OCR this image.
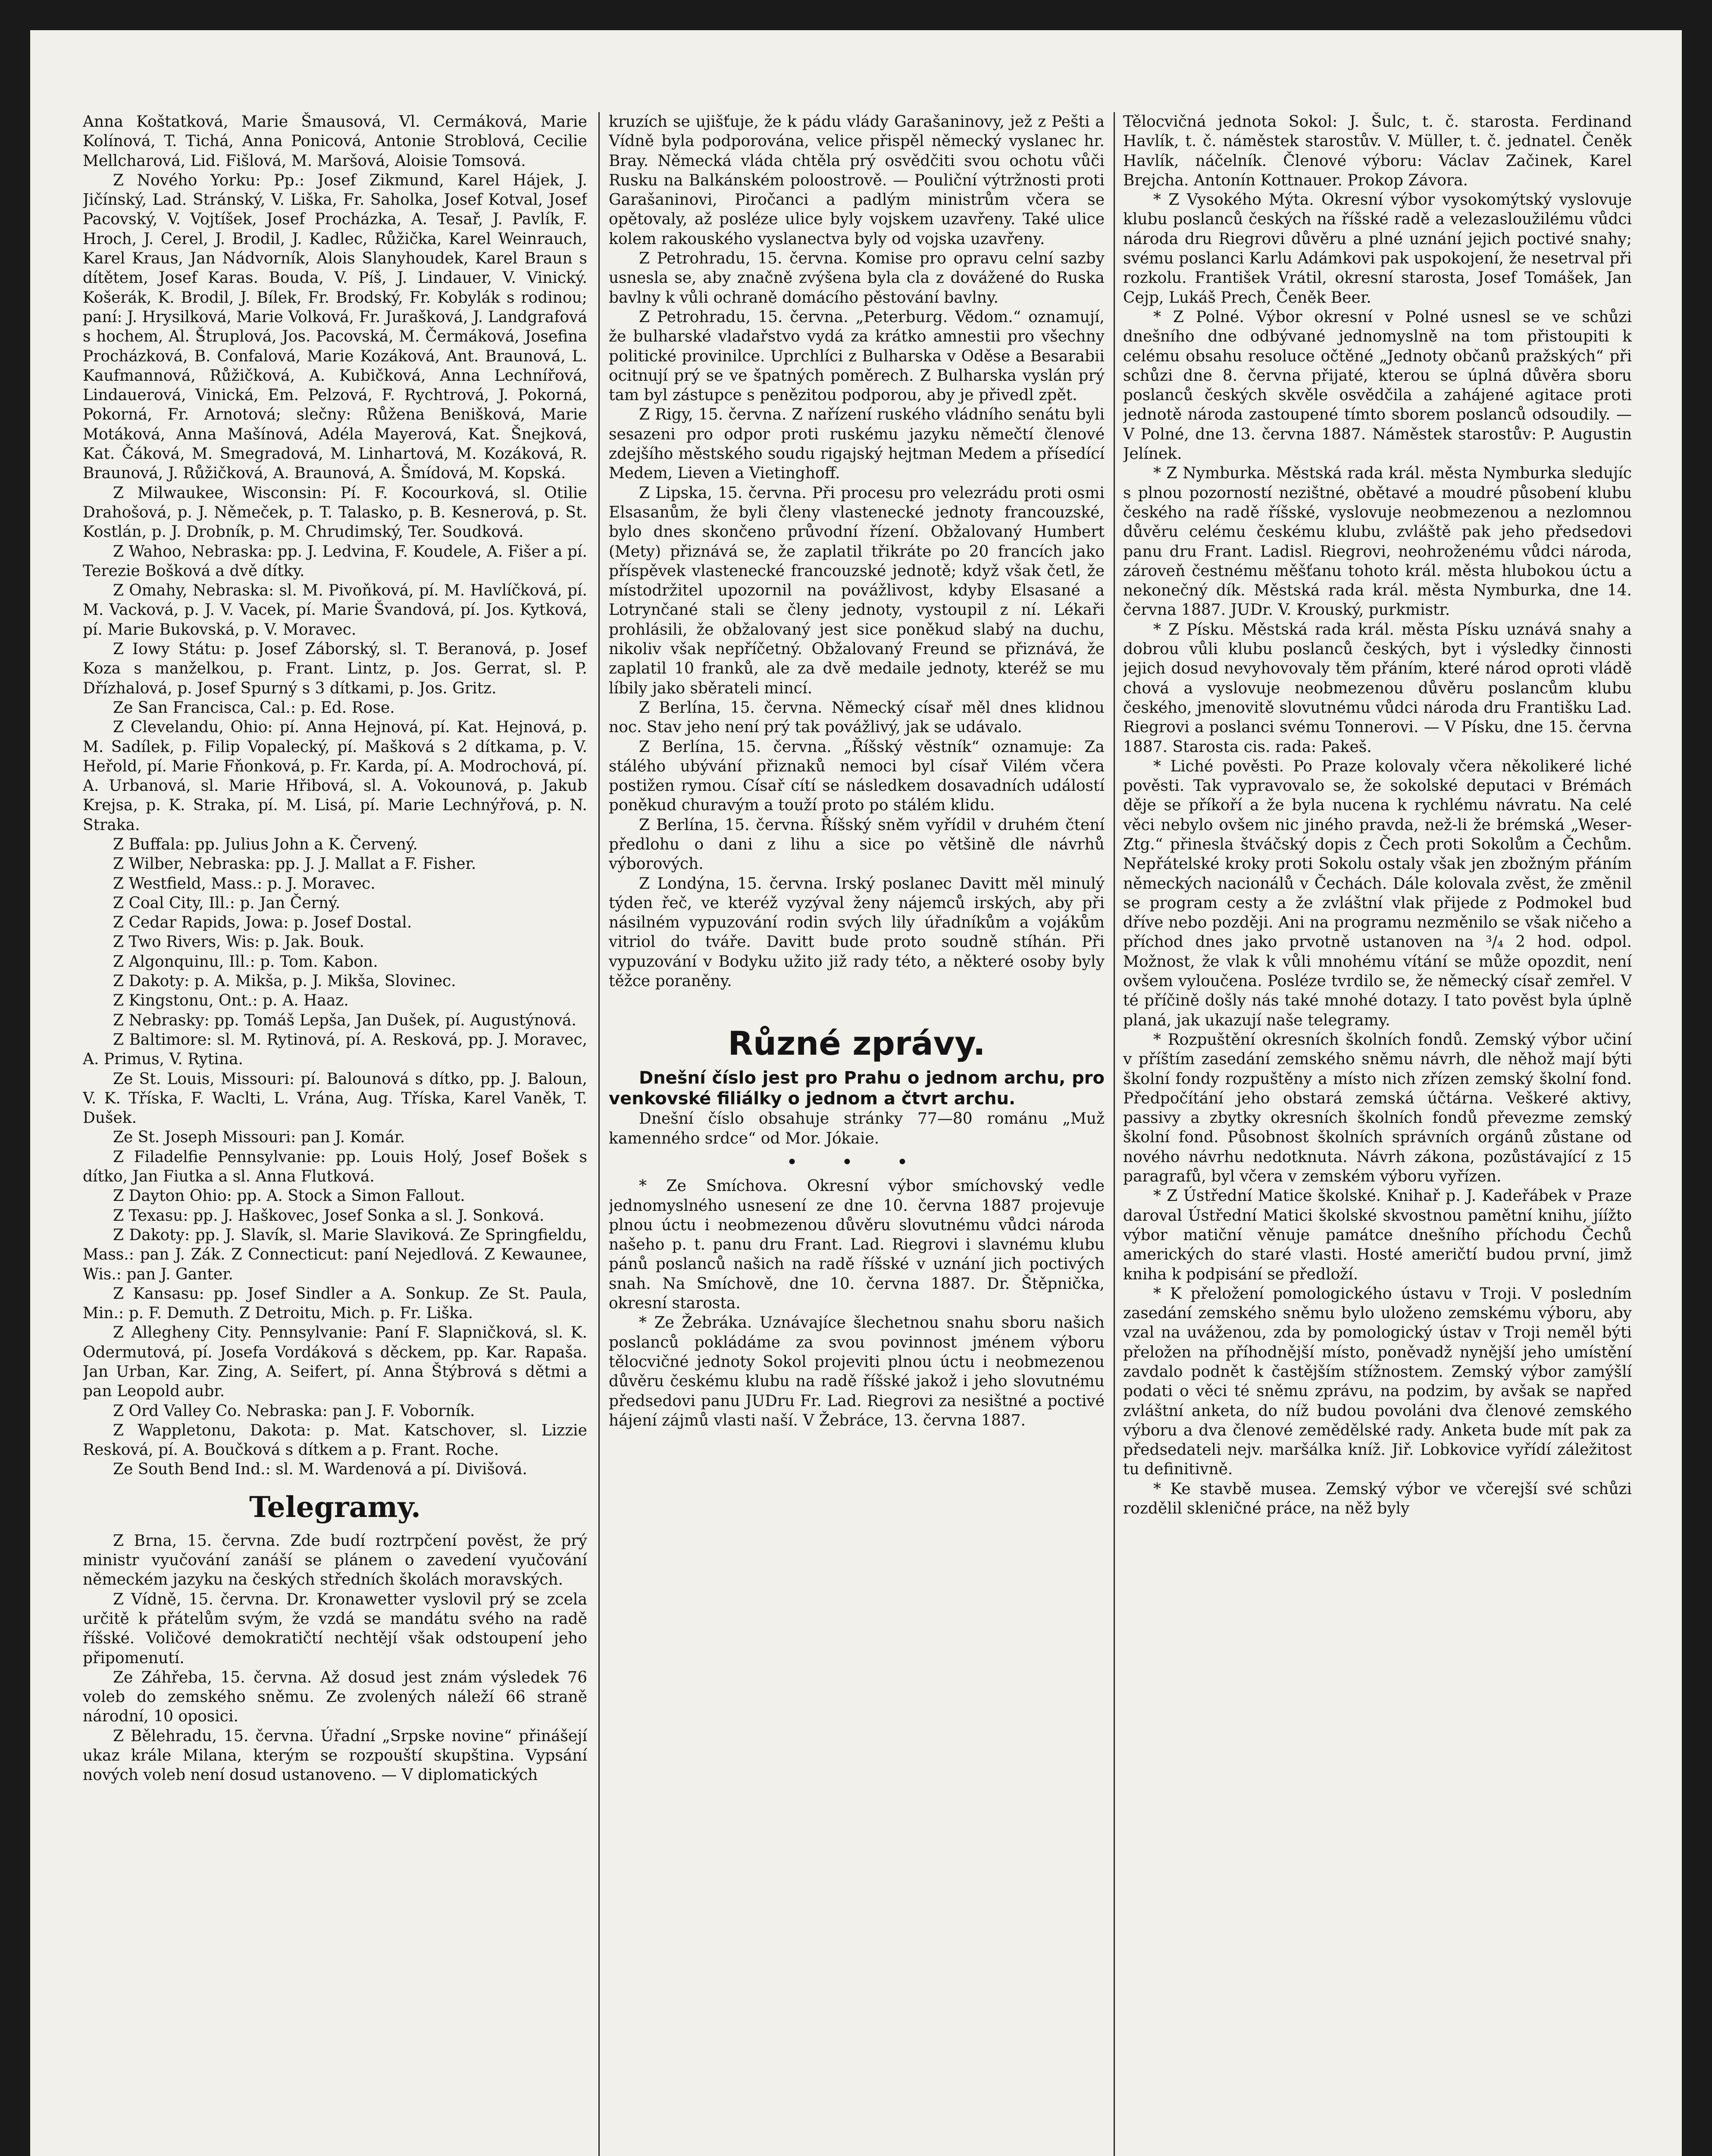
Anna Koštatková, Marie Šmausová, Vl. Cermáková, Marie Kolínová, T. Tichá, Anna Ponicová, Antonie Stroblová, Cecilie Mellcharová, Lid. Fišlová, M. Maršová, Aloisie Tomsová.

Z Nového Yorku: Pp.: Josef Zikmund, Karel Hájek, J. Jičínský, Lad. Stránský, V. Liška, Fr. Saholka, Josef Kotval, Josef Pacovský, V. Vojtíšek, Josef Procházka, A. Tesař, J. Pavlík, F. Hroch, J. Cerel, J. Brodil, J. Kadlec, Růžička, Karel Weinrauch, Karel Kraus, Jan Nádvorník, Alois Slanyhoudek, Karel Braun s dítětem, Josef Karas. Bouda, V. Píš, J. Lindauer, V. Vinický. Košerák, K. Brodil, J. Bílek, Fr. Brodský, Fr. Kobylák s rodinou; paní: J. Hrysilková, Marie Volková, Fr. Jurašková, J. Landgrafová s hochem, Al. Štruplová, Jos. Pacovská, M. Čermáková, Josefina Procházková, B. Confalová, Marie Kozáková, Ant. Braunová, L. Kaufmannová, Růžičková, A. Kubičková, Anna Lechnířová, Lindauerová, Vinická, Em. Pelzová, F. Rychtrová, J. Pokorná, Pokorná, Fr. Arnotová; slečny: Růžena Benišková, Marie Motáková, Anna Mašínová, Adéla Mayerová, Kat. Šnejková, Kat. Čáková, M. Smegradová, M. Linhartová, M. Kozáková, R. Braunová, J. Růžičková, A. Braunová, A. Šmídová, M. Kopská.

Z Milwaukee, Wisconsin: Pí. F. Kocourková, sl. Otilie Drahošová, p. J. Němeček, p. T. Talasko, p. B. Kesnerová, p. St. Kostlán, p. J. Drobník, p. M. Chrudimský, Ter. Soudková.

Z Wahoo, Nebraska: pp. J. Ledvina, F. Koudele, A. Fišer a pí. Terezie Bošková a dvě dítky.

Z Omahy, Nebraska: sl. M. Pivoňková, pí. M. Havlíčková, pí. M. Vacková, p. J. V. Vacek, pí. Marie Švandová, pí. Jos. Kytková, pí. Marie Bukovská, p. V. Moravec.

Z Iowy Státu: p. Josef Záborský, sl. T. Beranová, p. Josef Koza s manželkou, p. Frant. Lintz, p. Jos. Gerrat, sl. P. Dřízhalová, p. Josef Spurný s 3 dítkami, p. Jos. Gritz.

Ze San Francisca, Cal.: p. Ed. Rose.

Z Clevelandu, Ohio: pí. Anna Hejnová, pí. Kat. Hejnová, p. M. Sadílek, p. Filip Vopalecký, pí. Mašková s 2 dítkama, p. V. Heřold, pí. Marie Fňonková, p. Fr. Karda, pí. A. Modrochová, pí. A. Urbanová, sl. Marie Hřibová, sl. A. Vokounová, p. Jakub Krejsa, p. K. Straka, pí. M. Lisá, pí. Marie Lechnýřová, p. N. Straka.

Z Buffala: pp. Julius John a K. Červený.

Z Wilber, Nebraska: pp. J. J. Mallat a F. Fisher.

Z Westfield, Mass.: p. J. Moravec.

Z Coal City, Ill.: p. Jan Černý.

Z Cedar Rapids, Jowa: p. Josef Dostal.

Z Two Rivers, Wis: p. Jak. Bouk.

Z Algonquinu, Ill.: p. Tom. Kabon.

Z Dakoty: p. A. Mikša, p. J. Mikša, Slovinec.

Z Kingstonu, Ont.: p. A. Haaz.

Z Nebrasky: pp. Tomáš Lepša, Jan Dušek, pí. Augustýnová.

Z Baltimore: sl. M. Rytinová, pí. A. Resková, pp. J. Moravec, A. Primus, V. Rytina.

Ze St. Louis, Missouri: pí. Balounová s dítko, pp. J. Baloun, V. K. Tříska, F. Waclti, L. Vrána, Aug. Tříska, Karel Vaněk, T. Dušek.

Ze St. Joseph Missouri: pan J. Komár.

Z Filadelfie Pennsylvanie: pp. Louis Holý, Josef Bošek s dítko, Jan Fiutka a sl. Anna Flutková.

Z Dayton Ohio: pp. A. Stock a Simon Fallout.

Z Texasu: pp. J. Haškovec, Josef Sonka a sl. J. Sonková.

Z Dakoty: pp. J. Slavík, sl. Marie Slaviková. Ze Springfieldu, Mass.: pan J. Zák. Z Connecticut: paní Nejedlová. Z Kewaunee, Wis.: pan J. Ganter.

Z Kansasu: pp. Josef Sindler a A. Sonkup. Ze St. Paula, Min.: p. F. Demuth. Z Detroitu, Mich. p. Fr. Liška.

Z Allegheny City. Pennsylvanie: Paní F. Slapničková, sl. K. Odermutová, pí. Josefa Vordáková s děckem, pp. Kar. Rapaša. Jan Urban, Kar. Zing, A. Seifert, pí. Anna Štýbrová s dětmi a pan Leopold aubr.

Z Ord Valley Co. Nebraska: pan J. F. Voborník.

Z Wappletonu, Dakota: p. Mat. Katschover, sl. Lizzie Resková, pí. A. Boučková s dítkem a p. Frant. Roche.

Ze South Bend Ind.: sl. M. Wardenová a pí. Divišová.

Telegramy.

Z Brna, 15. června. Zde budí roztrpčení pověst, že prý ministr vyučování zanáší se plánem o zavedení vyučování německém jazyku na českých středních školách moravských.

Z Vídně, 15. června. Dr. Kronawetter vyslovil prý se zcela určitě k přátelům svým, že vzdá se mandátu svého na radě říšské. Voličové demokratičtí nechtějí však odstoupení jeho připomenutí.

Ze Záhřeba, 15. června. Až dosud jest znám výsledek 76 voleb do zemského sněmu. Ze zvolených náleží 66 straně národní, 10 oposici.

Z Bělehradu, 15. června. Úřadní „Srpske novine“ přinášejí ukaz krále Milana, kterým se rozpouští skupština. Vypsání nových voleb není dosud ustanoveno. — V diplomatických

kruzích se ujišťuje, že k pádu vlády Garašaninovy, jež z Pešti a Vídně byla podporována, velice přispěl německý vyslanec hr. Bray. Německá vláda chtěla prý osvědčiti svou ochotu vůči Rusku na Balkánském poloostrově. — Pouliční výtržnosti proti Garašaninovi, Piročanci a padlým ministrům včera se opětovaly, až posléze ulice byly vojskem uzavřeny. Také ulice kolem rakouského vyslanectva byly od vojska uzavřeny.

Z Petrohradu, 15. června. Komise pro opravu celní sazby usnesla se, aby značně zvýšena byla cla z dovážené do Ruska bavlny k vůli ochraně domácího pěstování bavlny.

Z Petrohradu, 15. června. „Peterburg. Vědom.“ oznamují, že bulharské vladařstvo vydá za krátko amnestii pro všechny politické provinilce. Uprchlíci z Bulharska v Oděse a Besarabii ocitnují prý se ve špatných poměrech. Z Bulharska vyslán prý tam byl zástupce s penězitou podporou, aby je přivedl zpět.

Z Rigy, 15. června. Z nařízení ruského vládního senátu byli sesazeni pro odpor proti ruskému jazyku němečtí členové zdejšího městského soudu rigajský hejtman Medem a přísedící Medem, Lieven a Vietinghoff.

Z Lipska, 15. června. Při procesu pro velezrádu proti osmi Elsasanům, že byli členy vlastenecké jednoty francouzské, bylo dnes skončeno průvodní řízení. Obžalovaný Humbert (Mety) přiznává se, že zaplatil třikráte po 20 francích jako příspěvek vlastenecké francouzské jednotě; když však četl, že místodržitel upozornil na povážlivost, kdyby Elsasané a Lotrynčané stali se členy jednoty, vystoupil z ní. Lékaři prohlásili, že obžalovaný jest sice poněkud slabý na duchu, nikoliv však nepříčetný. Obžalovaný Freund se přiznává, že zaplatil 10 franků, ale za dvě medaile jednoty, kteréž se mu líbily jako sběrateli mincí.

Z Berlína, 15. června. Německý císař měl dnes klidnou noc. Stav jeho není prý tak povážlivý, jak se udávalo.

Z Berlína, 15. června. „Říšský věstník“ oznamuje: Za stálého ubývání přiznaků nemoci byl císař Vilém včera postižen rymou. Císař cítí se následkem dosavadních událostí poněkud churavým a touží proto po stálém klidu.

Z Berlína, 15. června. Říšský sněm vyřídil v druhém čtení předlohu o dani z lihu a sice po většině dle návrhů výborových.

Z Londýna, 15. června. Irský poslanec Davitt měl minulý týden řeč, ve kteréž vyzýval ženy nájemců irských, aby při násilném vypuzování rodin svých lily úřadníkům a vojákům vitriol do tváře. Davitt bude proto soudně stíhán. Při vypuzování v Bodyku užito již rady této, a některé osoby byly těžce poraněny.

Různé zprávy.

Dnešní číslo jest pro Prahu o jednom archu, pro venkovské filiálky o jednom a čtvrt archu.

Dnešní číslo obsahuje stránky 77—80 románu „Muž kamenného srdce“ od Mor. Jókaie.

• • •

* Ze Smíchova. Okresní výbor smíchovský vedle jednomyslného usnesení ze dne 10. června 1887 projevuje plnou úctu i neobmezenou důvěru slovutnému vůdci národa našeho p. t. panu dru Frant. Lad. Riegrovi i slavnému klubu pánů poslanců našich na radě říšské v uznání jich poctivých snah. Na Smíchově, dne 10. června 1887. Dr. Štěpnička, okresní starosta.

* Ze Žebráka. Uznávajíce šlechetnou snahu sboru našich poslanců pokládáme za svou povinnost jménem výboru tělocvičné jednoty Sokol projeviti plnou úctu i neobmezenou důvěru českému klubu na radě říšské jakož i jeho slovutnému předsedovi panu JUDru Fr. Lad. Riegrovi za nesištné a poctivé hájení zájmů vlasti naší. V Žebráce, 13. června 1887.

Tělocvičná jednota Sokol: J. Šulc, t. č. starosta. Ferdinand Havlík, t. č. náměstek starostův. V. Müller, t. č. jednatel. Čeněk Havlík, náčelník. Členové výboru: Václav Začinek, Karel Brejcha. Antonín Kottnauer. Prokop Závora.

* Z Vysokého Mýta. Okresní výbor vysokomýtský vyslovuje klubu poslanců českých na říšské radě a velezasloužilému vůdci národa dru Riegrovi důvěru a plné uznání jejich poctivé snahy; svému poslanci Karlu Adámkovi pak uspokojení, že nesetrval při rozkolu. František Vrátil, okresní starosta, Josef Tomášek, Jan Cejp, Lukáš Prech, Čeněk Beer.

* Z Polné. Výbor okresní v Polné usnesl se ve schůzi dnešního dne odbývané jednomyslně na tom přistoupiti k celému obsahu resoluce očtěné „Jednoty občanů pražských“ při schůzi dne 8. června přijaté, kterou se úplná důvěra sboru poslanců českých skvěle osvědčila a zahájené agitace proti jednotě národa zastoupené tímto sborem poslanců odsoudily. — V Polné, dne 13. června 1887. Náměstek starostův: P. Augustin Jelínek.

* Z Nymburka. Městská rada král. města Nymburka sledujíc s plnou pozorností nezištné, obětavé a moudré působení klubu českého na radě říšské, vyslovuje neobmezenou a nezlomnou důvěru celému českému klubu, zvláště pak jeho předsedovi panu dru Frant. Ladisl. Riegrovi, neohroženému vůdci národa, zároveň čestnému měšťanu tohoto král. města hlubokou úctu a nekonečný dík. Městská rada král. města Nymburka, dne 14. června 1887. JUDr. V. Krouský, purkmistr.

* Z Písku. Městská rada král. města Písku uznává snahy a dobrou vůli klubu poslanců českých, byt i výsledky činnosti jejich dosud nevyhovovaly těm přáním, které národ oproti vládě chová a vyslovuje neobmezenou důvěru poslancům klubu českého, jmenovitě slovutnému vůdci národa dru Františku Lad. Riegrovi a poslanci svému Tonnerovi. — V Písku, dne 15. června 1887. Starosta cis. rada: Pakeš.

* Liché pověsti. Po Praze kolovaly včera několikeré liché pověsti. Tak vypravovalo se, že sokolské deputaci v Brémách děje se příkoří a že byla nucena k rychlému návratu. Na celé věci nebylo ovšem nic jiného pravda, než-li že brémská „Weser-Ztg.“ přinesla štváčský dopis z Čech proti Sokolům a Čechům. Nepřátelské kroky proti Sokolu ostaly však jen zbožným přáním německých nacionálů v Čechách. Dále kolovala zvěst, že změnil se program cesty a že zvláštní vlak přijede z Podmokel bud dříve nebo později. Ani na programu nezměnilo se však ničeho a příchod dnes jako prvotně ustanoven na ³/₄ 2 hod. odpol. Možnost, že vlak k vůli mnohému vítání se může opozdit, není ovšem vyloučena. Posléze tvrdilo se, že německý císař zemřel. V té příčině došly nás také mnohé dotazy. I tato pověst byla úplně planá, jak ukazují naše telegramy.

* Rozpuštění okresních školních fondů. Zemský výbor učiní v příštím zasedání zemského sněmu návrh, dle něhož mají býti školní fondy rozpuštěny a místo nich zřízen zemský školní fond. Předpočítání jeho obstará zemská účtárna. Veškeré aktivy, passivy a zbytky okresních školních fondů převezme zemský školní fond. Působnost školních správních orgánů zůstane od nového návrhu nedotknuta. Návrh zákona, pozůstávající z 15 paragrafů, byl včera v zemském výboru vyřízen.

* Z Ústřední Matice školské. Knihař p. J. Kadeřábek v Praze daroval Ústřední Matici školské skvostnou pamětní knihu, jíížto výbor matiční věnuje památce dnešního příchodu Čechů amerických do staré vlasti. Hosté američtí budou první, jimž kniha k podpisání se předloží.

* K přeložení pomologického ústavu v Troji. V posledním zasedání zemského sněmu bylo uloženo zemskému výboru, aby vzal na uváženou, zda by pomologický ústav v Troji neměl býti přeložen na příhodnější místo, poněvadž nynější jeho umístění zavdalo podnět k častějším stížnostem. Zemský výbor zamýšlí podati o věci té sněmu zprávu, na podzim, by avšak se napřed zvláštní anketa, do níž budou povoláni dva členové zemského výboru a dva členové zemědělské rady. Anketa bude mít pak za předsedateli nejv. maršálka kníž. Jiř. Lobkovice vyřídí záležitost tu definitivně.

* Ke stavbě musea. Zemský výbor ve včerejší své schůzi rozdělil skleničné práce, na něž byly
